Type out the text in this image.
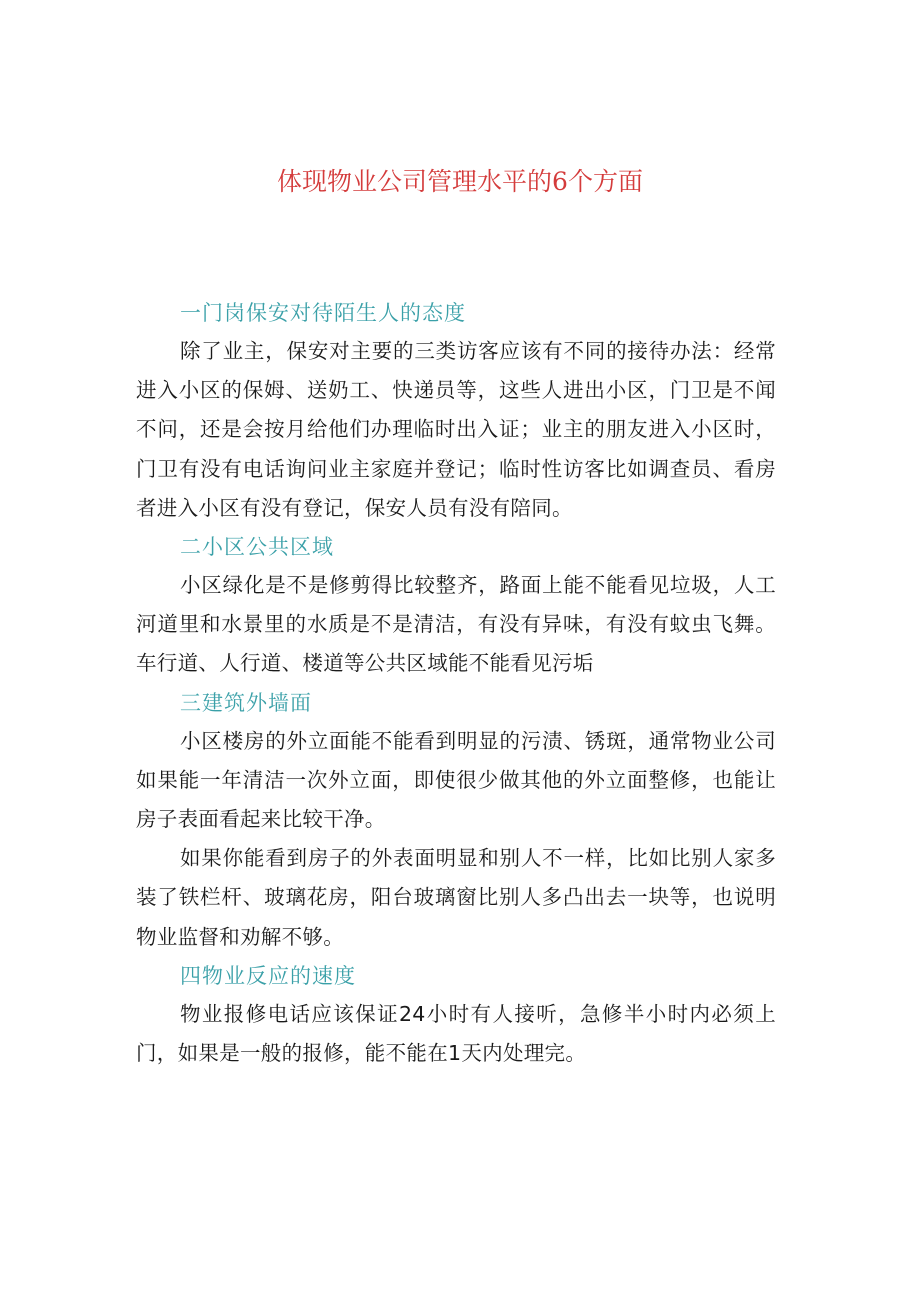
体现物业公司管理水平的6个方面

一门岗保安对待陌生人的态度

除了业主，保安对主要的三类访客应该有不同的接待办法：经常进入小区的保姆、送奶工、快递员等，这些人进出小区，门卫是不闻不问，还是会按月给他们办理临时出入证；业主的朋友进入小区时，门卫有没有电话询问业主家庭并登记；临时性访客比如调查员、看房者进入小区有没有登记，保安人员有没有陪同。

二小区公共区域

小区绿化是不是修剪得比较整齐，路面上能不能看见垃圾，人工河道里和水景里的水质是不是清洁，有没有异味，有没有蚊虫飞舞。车行道、人行道、楼道等公共区域能不能看见污垢

三建筑外墙面

小区楼房的外立面能不能看到明显的污渍、锈斑，通常物业公司如果能一年清洁一次外立面，即使很少做其他的外立面整修，也能让房子表面看起来比较干净。

如果你能看到房子的外表面明显和别人不一样，比如比别人家多装了铁栏杆、玻璃花房，阳台玻璃窗比别人多凸出去一块等，也说明物业监督和劝解不够。

四物业反应的速度

物业报修电话应该保证24小时有人接听，急修半小时内必须上门，如果是一般的报修，能不能在1天内处理完。
